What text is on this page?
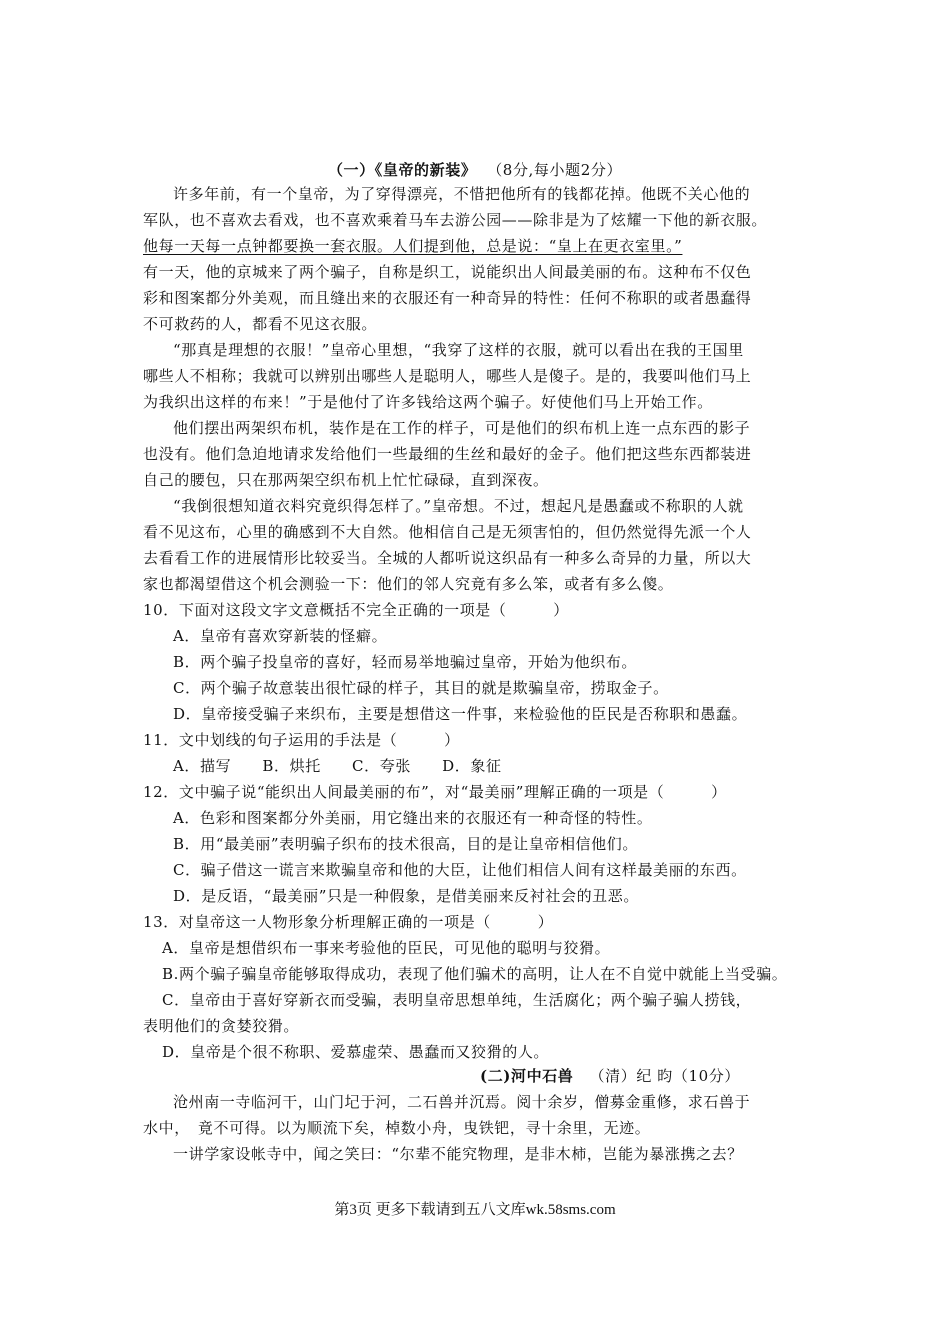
（一）《皇帝的新装》 （8分,每小题2分）
许多年前，有一个皇帝，为了穿得漂亮，不惜把他所有的钱都花掉。他既不关心他的
军队，也不喜欢去看戏，也不喜欢乘着马车去游公园——除非是为了炫耀一下他的新衣服。
他每一天每一点钟都要换一套衣服。人们提到他，总是说：“皇上在更衣室里。”
有一天，他的京城来了两个骗子，自称是织工，说能织出人间最美丽的布。这种布不仅色
彩和图案都分外美观，而且缝出来的衣服还有一种奇异的特性：任何不称职的或者愚蠢得
不可救药的人，都看不见这衣服。
“那真是理想的衣服！”皇帝心里想，“我穿了这样的衣服，就可以看出在我的王国里
哪些人不相称；我就可以辨别出哪些人是聪明人，哪些人是傻子。是的，我要叫他们马上
为我织出这样的布来！”于是他付了许多钱给这两个骗子。好使他们马上开始工作。
他们摆出两架织布机，装作是在工作的样子，可是他们的织布机上连一点东西的影子
也没有。他们急迫地请求发给他们一些最细的生丝和最好的金子。他们把这些东西都装进
自己的腰包，只在那两架空织布机上忙忙碌碌，直到深夜。
“我倒很想知道衣料究竟织得怎样了。”皇帝想。不过，想起凡是愚蠢或不称职的人就
看不见这布，心里的确感到不大自然。他相信自己是无须害怕的，但仍然觉得先派一个人
去看看工作的进展情形比较妥当。全城的人都听说这织品有一种多么奇异的力量，所以大
家也都渴望借这个机会测验一下：他们的邻人究竟有多么笨，或者有多么傻。
10．下面对这段文字文意概括不完全正确的一项是（　　　）
A．皇帝有喜欢穿新装的怪癖。
B．两个骗子投皇帝的喜好，轻而易举地骗过皇帝，开始为他织布。
C．两个骗子故意装出很忙碌的样子，其目的就是欺骗皇帝，捞取金子。
D．皇帝接受骗子来织布，主要是想借这一件事，来检验他的臣民是否称职和愚蠢。
11．文中划线的句子运用的手法是（　　　）
A．描写　　B．烘托　　C．夸张　　D．象征
12．文中骗子说“能织出人间最美丽的布”，对“最美丽”理解正确的一项是（　　　）
A．色彩和图案都分外美丽，用它缝出来的衣服还有一种奇怪的特性。
B．用“最美丽”表明骗子织布的技术很高，目的是让皇帝相信他们。
C．骗子借这一谎言来欺骗皇帝和他的大臣，让他们相信人间有这样最美丽的东西。
D．是反语，“最美丽”只是一种假象，是借美丽来反衬社会的丑恶。
13．对皇帝这一人物形象分析理解正确的一项是（　　　）
A．皇帝是想借织布一事来考验他的臣民，可见他的聪明与狡猾。
B.两个骗子骗皇帝能够取得成功，表现了他们骗术的高明，让人在不自觉中就能上当受骗。
C．皇帝由于喜好穿新衣而受骗，表明皇帝思想单纯，生活腐化；两个骗子骗人捞钱，
表明他们的贪婪狡猾。
D．皇帝是个很不称职、爱慕虚荣、愚蠢而又狡猾的人。
(二)河中石兽 （清）纪 昀（10分）
沧州南一寺临河干，山门圮于河，二石兽并沉焉。阅十余岁，僧募金重修，求石兽于
水中，　竟不可得。以为顺流下矣，棹数小舟，曳铁钯，寻十余里，无迹。
一讲学家设帐寺中，闻之笑曰：“尔辈不能究物理，是非木柿，岂能为暴涨携之去？
第3页 更多下载请到五八文库wk.58sms.com
